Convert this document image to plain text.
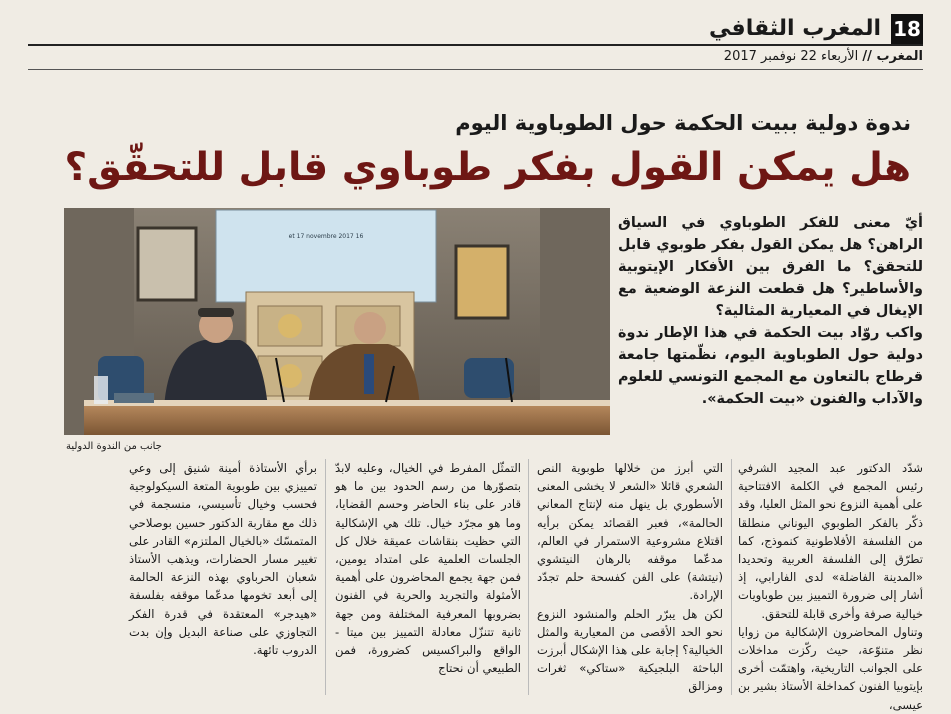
18
المغرب الثقافي
المغرب // الأربعاء 22 نوفمبر 2017
ندوة دولية ببيت الحكمة حول الطوباوية اليوم
هل يمكن القول بفكر طوباوي قابل للتحقّق؟
16 et 17 novembre 2017
جانب من الندوة الدولية

أيّ معنى للفكر الطوباوي في السياق الراهن؟ هل يمكن القول بفكر طوبوي قابل للتحقق؟ ما الفرق بين الأفكار الإيتوبية والأساطير؟ هل قطعت النزعة الوضعية مع الإيغال في المعيارية المثالية؟

واكب روّاد بيت الحكمة في هذا الإطار ندوة دولية حول الطوباوية اليوم، نظّمتها جامعة قرطاج بالتعاون مع المجمع التونسي للعلوم والآداب والفنون «بيت الحكمة».

شدّد الدكتور عبد المجيد الشرفي رئيس المجمع في الكلمة الافتتاحية على أهمية النزوع نحو المثل العليا، وقد ذكّر بالفكر الطوبوي اليوناني منطلقا من الفلسفة الأفلاطونية كنموذج، كما تطرّق إلى الفلسفة العربية وتحديدا «المدينة الفاضلة» لدى الفارابي، إذ أشار إلى ضرورة التمييز بين طوباويات خيالية صرفة وأخرى قابلة للتحقق.

وتناول المحاضرون الإشكالية من زوايا نظر متنوّعة، حيث ركّزت مداخلات على الجوانب التاريخية، واهتمّت أخرى بإيتوبيا الفنون كمداخلة الأستاذ بشير بن عيسى،

التي أبرز من خلالها طوبوية النص الشعري قائلا «الشعر لا يخشى المعنى الأسطوري بل ينهل منه لإنتاج المعاني الحالمة»، فعبر القصائد يمكن برأيه اقتلاع مشروعية الاستمرار في العالم، مدعّما موقفه بالرهان النيتشوي (نيتشة) على الفن كفسحة حلم تجدّد الإرادة.

لكن هل يبرّر الحلم والمنشود النزوع نحو الحد الأقصى من المعيارية والمثل الخيالية؟ إجابة على هذا الإشكال أبرزت الباحثة البلجيكية «ستاكي» ثغرات ومزالق

التمثّل المفرط في الخيال، وعليه لابدّ بتصوّرها من رسم الحدود بين ما هو قادر على بناء الحاضر وحسم القضايا، وما هو مجرّد خيال. تلك هي الإشكالية التي حظيت بنقاشات عميقة خلال كل الجلسات العلمية على امتداد يومين، فمن جهة يجمع المحاضرون على أهمية الأمثولة والتجريد والحرية في الفنون بضروبها المعرفية المختلفة ومن جهة ثانية تتنزّل معادلة التمييز بين ميتا - الواقع والبراكسيس كضرورة، فمن الطبيعي أن نحتاج

برأي الأستاذة أمينة شنيق إلى وعي تمييزي بين طوبوية المتعة السيكولوجية فحسب وخيال تأسيسي، منسجمة في ذلك مع مقاربة الدكتور حسين بوصلاحي المتمسّك «بالخيال الملتزم» القادر على تغيير مسار الحضارات، ويذهب الأستاذ شعبان الحرباوي بهذه النزعة الحالمة إلى أبعد تخومها مدعّما موقفه بفلسفة «هيدجر» المعتقدة في قدرة الفكر التجاوزي على صناعة البديل وإن بدت الدروب تائهة.
